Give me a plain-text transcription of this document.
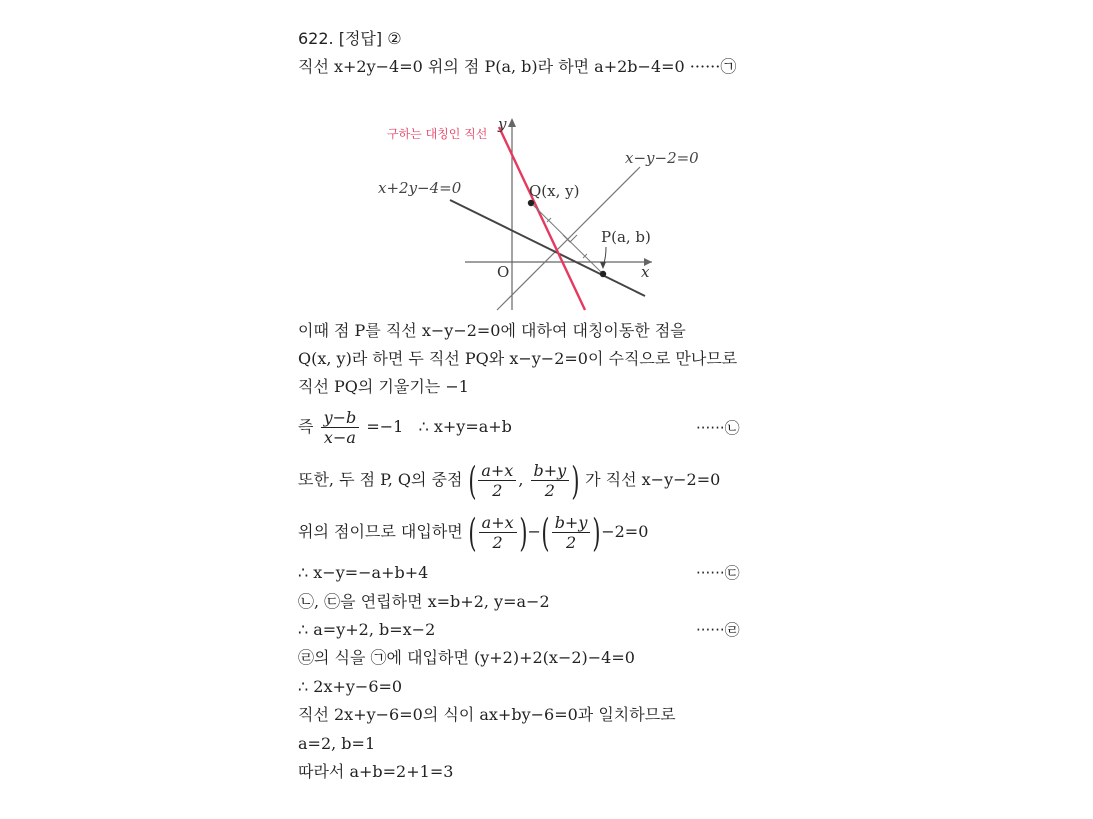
622. [정답] ②
직선 x+2y−4=0 위의 점 P(a, b)라 하면 a+2b−4=0 ······㉠
구하는 대칭인 직선
y
x−y−2=0
x+2y−4=0	Q(x, y)
P(a, b)
O	x
이때 점 P를 직선 x−y−2=0에 대하여 대칭이동한 점을
Q(x, y)라 하면 두 직선 PQ와 x−y−2=0이 수직으로 만나므로
직선 PQ의 기울기는 −1
즉 $\frac{y-b}{x-a} =-1$   ∴ x+y=a+b	······㉡
또한, 두 점 P, Q의 중점 ( $\frac{a+x}{2}$ , $\frac{b+y}{2}$ ) 가 직선 x−y−2=0
위의 점이므로 대입하면 ( $\frac{a+x}{2}$ )−( $\frac{b+y}{2} )-2=0$
∴ x−y=−a+b+4	······㉢
㉡, ㉢을 연립하면 x=b+2, y=a−2
∴ a=y+2, b=x−2	······㉣
㉣의 식을 ㉠에 대입하면 (y+2)+2(x−2)−4=0
∴ 2x+y−6=0
직선 2x+y−6=0의 식이 ax+by−6=0과 일치하므로
a=2, b=1
따라서 a+b=2+1=3
